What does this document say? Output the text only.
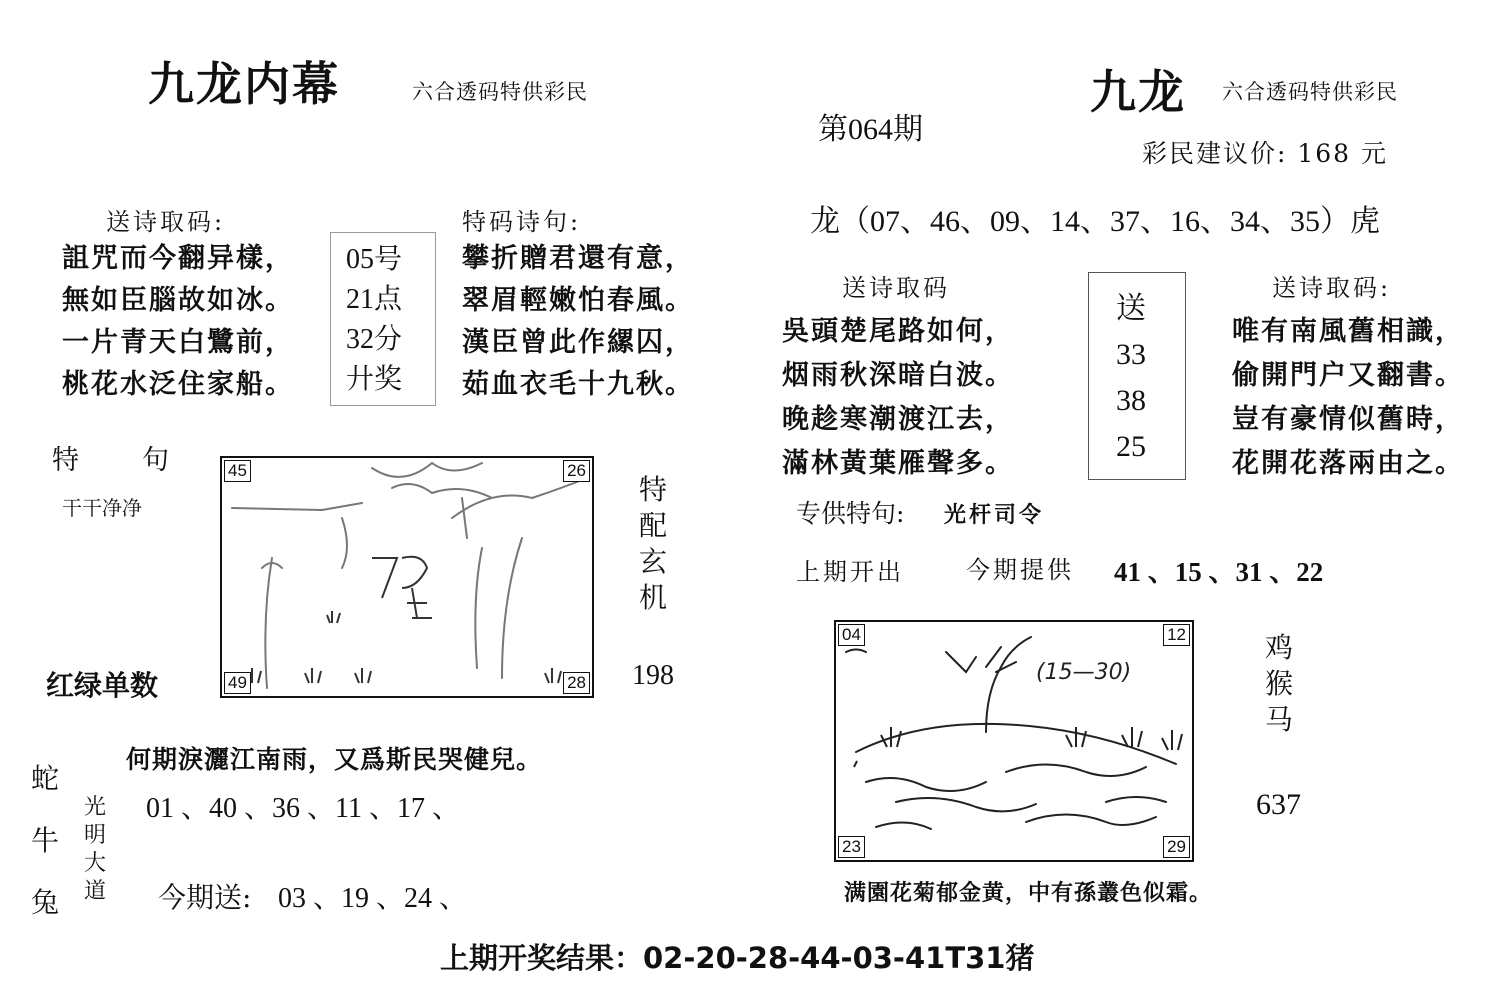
九龙内幕	六合透码特供彩民
送诗取码:
詛咒而今翻异樣，
無如臣腦故如冰。
一片青天白鷺前，
桃花水泛住家船。
05号
21点
32分
廾奖
特码诗句:
攀折贈君還有意，
翠眉輕嫩怕春風。
漢臣曾此作縲囚，
茹血衣毛十九秋。
特　　句
干干净净
45	26
49	28
特
配
玄
机
红绿单数	198
蛇
牛
兔
光
明
大
道
何期淚灑江南雨，又爲斯民哭健兒。
01 、40 、36 、11 、17 、
今期送: 03 、19 、24 、
第064期
九龙 六合透码特供彩民
彩民建议价: 168 元
龙（07、46、09、14、37、16、34、35）虎
送诗取码
吳頭楚尾路如何，
烟雨秋深暗白波。
晚趁寒潮渡江去，
滿林黃葉雁聲多。
送
33
38
25
送诗取码:
唯有南風舊相識，
偷開門户又翻書。
豈有豪情似舊時，
花開花落兩由之。
专供特句: 光杆司令
上期开出	今期提供 41 、15 、31 、22
(15—30)
04	12
23	29
鸡
猴
马
637
满園花菊郁金黄，中有孫叢色似霜。
上期开奖结果：02-20-28-44-03-41T31猪
